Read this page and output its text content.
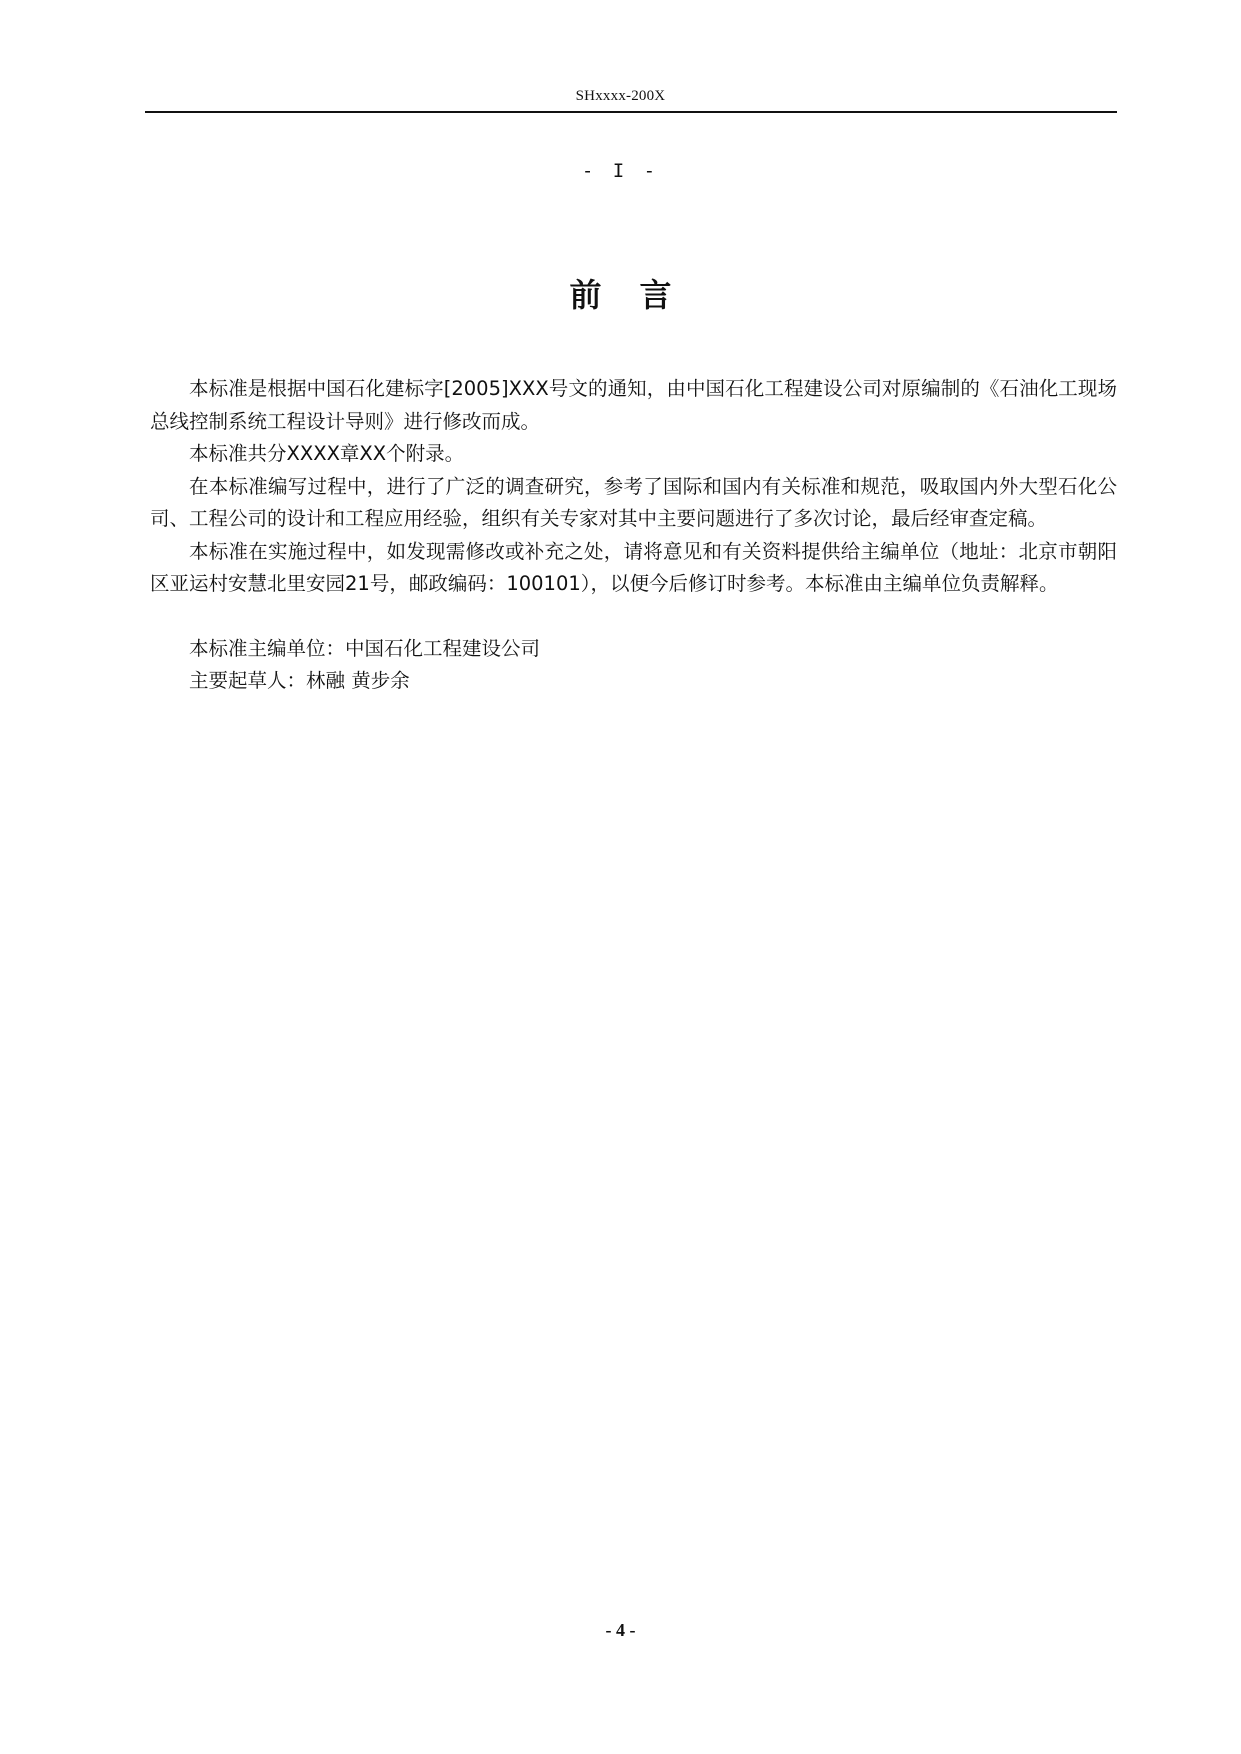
SHxxxx-200X
- I -
前言

本标准是根据中国石化建标字[2005]XXX号文的通知，由中国石化工程建设公司对原编制的《石油化工现场总线控制系统工程设计导则》进行修改而成。

本标准共分XXXX章XX个附录。

在本标准编写过程中，进行了广泛的调查研究，参考了国际和国内有关标准和规范，吸取国内外大型石化公司、工程公司的设计和工程应用经验，组织有关专家对其中主要问题进行了多次讨论，最后经审查定稿。

本标准在实施过程中，如发现需修改或补充之处，请将意见和有关资料提供给主编单位（地址：北京市朝阳区亚运村安慧北里安园21号，邮政编码：100101），以便今后修订时参考。本标准由主编单位负责解释。

本标准主编单位：中国石化工程建设公司

主要起草人：林融 黄步余

- 4 -
